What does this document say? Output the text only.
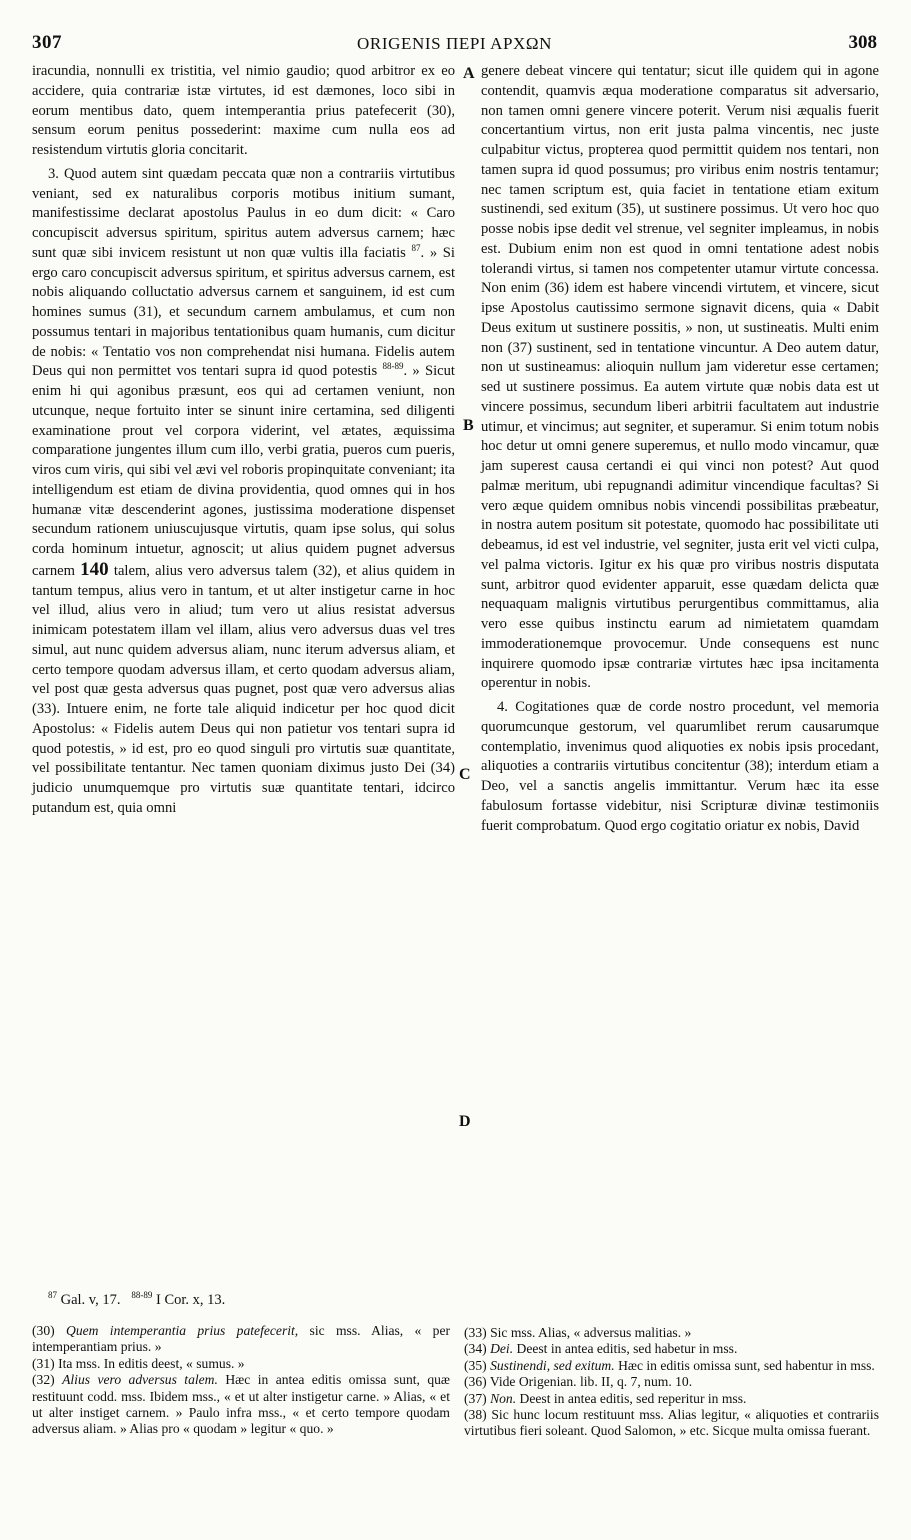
307	ORIGENIS ΠΕΡΙ ΑΡΧΩΝ	308

iracundia, nonnulli ex tristitia, vel nimio gaudio; quod arbitror ex eo accidere, quia contrariæ istæ virtutes, id est dæmones, loco sibi in eorum mentibus dato, quem intemperantia prius patefecerit (30), sensum eorum penitus possederint: maxime cum nulla eos ad resistendum virtutis gloria concitarit.

3. Quod autem sint quædam peccata quæ non a contrariis virtutibus veniant, sed ex naturalibus corporis motibus initium sumant, manifestissime declarat apostolus Paulus in eo dum dicit: « Caro concupiscit adversus spiritum, spiritus autem adversus carnem; hæc sunt quæ sibi invicem resistunt ut non quæ vultis illa faciatis $^{87}$. » Si ergo caro concupiscit adversus spiritum, et spiritus adversus carnem, est nobis aliquando colluctatio adversus carnem et sanguinem, id est cum homines sumus (31), et secundum carnem ambulamus, et cum non possumus tentari in majoribus tentationibus quam humanis, cum dicitur de nobis: « Tentatio vos non comprehendat nisi humana. Fidelis autem Deus qui non permittet vos tentari supra id quod potestis $^{88-89}$. » Sicut enim hi qui agonibus præsunt, eos qui ad certamen veniunt, non utcunque, neque fortuito inter se sinunt inire certamina, sed diligenti examinatione prout vel corpora viderint, vel ætates, æquissima comparatione jungentes illum cum illo, verbi gratia, pueros cum pueris, viros cum viris, qui sibi vel ævi vel roboris propinquitate conveniant; ita intelligendum est etiam de divina providentia, quod omnes qui in hos humanæ vitæ descenderint agones, justissima moderatione dispenset secundum rationem uniuscujusque virtutis, quam ipse solus, qui solus corda hominum intuetur, agnoscit; ut alius quidem pugnet adversus carnem 140 talem, alius vero adversus talem (32), et alius quidem in tantum tempus, alius vero in tantum, et ut alter instigetur carne in hoc vel illud, alius vero in aliud; tum vero ut alius resistat adversus inimicam potestatem illam vel illam, alius vero adversus duas vel tres simul, aut nunc quidem adversus aliam, nunc iterum adversus aliam, et certo tempore quodam adversus illam, et certo quodam adversus aliam, vel post quæ gesta adversus quas pugnet, post quæ vero adversus alias (33). Intuere enim, ne forte tale aliquid indicetur per hoc quod dicit Apostolus: « Fidelis autem Deus qui non patietur vos tentari supra id quod potestis, » id est, pro eo quod singuli pro virtutis suæ quantitate, vel possibilitate tentantur. Nec tamen quoniam diximus justo Dei (34) judicio unumquemque pro virtutis suæ quantitate tentari, idcirco putandum est, quia omni

A
B
C
D

genere debeat vincere qui tentatur; sicut ille quidem qui in agone contendit, quamvis æqua moderatione comparatus sit adversario, non tamen omni genere vincere poterit. Verum nisi æqualis fuerit concertantium virtus, non erit justa palma vincentis, nec juste culpabitur victus, propterea quod permittit quidem nos tentari, non tamen supra id quod possumus; pro viribus enim nostris tentamur; nec tamen scriptum est, quia faciet in tentatione etiam exitum sustinendi, sed exitum (35), ut sustinere possimus. Ut vero hoc quo posse nobis ipse dedit vel strenue, vel segniter impleamus, in nobis est. Dubium enim non est quod in omni tentatione adest nobis tolerandi virtus, si tamen nos competenter utamur virtute concessa. Non enim (36) idem est habere vincendi virtutem, et vincere, sicut ipse Apostolus cautissimo sermone signavit dicens, quia « Dabit Deus exitum ut sustinere possitis, » non, ut sustineatis. Multi enim non (37) sustinent, sed in tentatione vincuntur. A Deo autem datur, non ut sustineamus: alioquin nullum jam videretur esse certamen; sed ut sustinere possimus. Ea autem virtute quæ nobis data est ut vincere possimus, secundum liberi arbitrii facultatem aut industrie utimur, et vincimus; aut segniter, et superamur. Si enim totum nobis hoc detur ut omni genere superemus, et nullo modo vincamur, quæ jam superest causa certandi ei qui vinci non potest? Aut quod palmæ meritum, ubi repugnandi adimitur vincendique facultas? Si vero æque quidem omnibus nobis vincendi possibilitas præbeatur, in nostra autem positum sit potestate, quomodo hac possibilitate uti debeamus, id est vel industrie, vel segniter, justa erit vel victi culpa, vel palma victoris. Igitur ex his quæ pro viribus nostris disputata sunt, arbitror quod evidenter apparuit, esse quædam delicta quæ nequaquam malignis virtutibus perurgentibus committamus, alia vero esse quibus instinctu earum ad nimietatem quamdam immoderationemque provocemur. Unde consequens est nunc inquirere quomodo ipsæ contrariæ virtutes hæc ipsa incitamenta operentur in nobis.

4. Cogitationes quæ de corde nostro procedunt, vel memoria quorumcunque gestorum, vel quarumlibet rerum causarumque contemplatio, invenimus quod aliquoties ex nobis ipsis procedant, aliquoties a contrariis virtutibus concitentur (38); interdum etiam a Deo, vel a sanctis angelis immittantur. Verum hæc ita esse fabulosum fortasse videbitur, nisi Scripturæ divinæ testimoniis fuerit comprobatum. Quod ergo cogitatio oriatur ex nobis, David

$^{87}$ Gal. v, 17. $^{88-89}$ I Cor. x, 13.

(30) Quem intemperantia prius patefecerit, sic mss. Alias, « per intemperantiam prius. »

(31) Ita mss. In editis deest, « sumus. »

(32) Alius vero adversus talem. Hæc in antea editis omissa sunt, quæ restituunt codd. mss. Ibidem mss., « et ut alter instigetur carne. » Alias, « et ut alter instiget carnem. » Paulo infra mss., « et certo tempore quodam adversus aliam. » Alias pro « quodam » legitur « quo. »

(33) Sic mss. Alias, « adversus malitias. »

(34) Dei. Deest in antea editis, sed habetur in mss.

(35) Sustinendi, sed exitum. Hæc in editis omissa sunt, sed habentur in mss.

(36) Vide Origenian. lib. II, q. 7, num. 10.

(37) Non. Deest in antea editis, sed reperitur in mss.

(38) Sic hunc locum restituunt mss. Alias legitur, « aliquoties et contrariis virtutibus fieri soleant. Quod Salomon, » etc. Sicque multa omissa fuerant.
